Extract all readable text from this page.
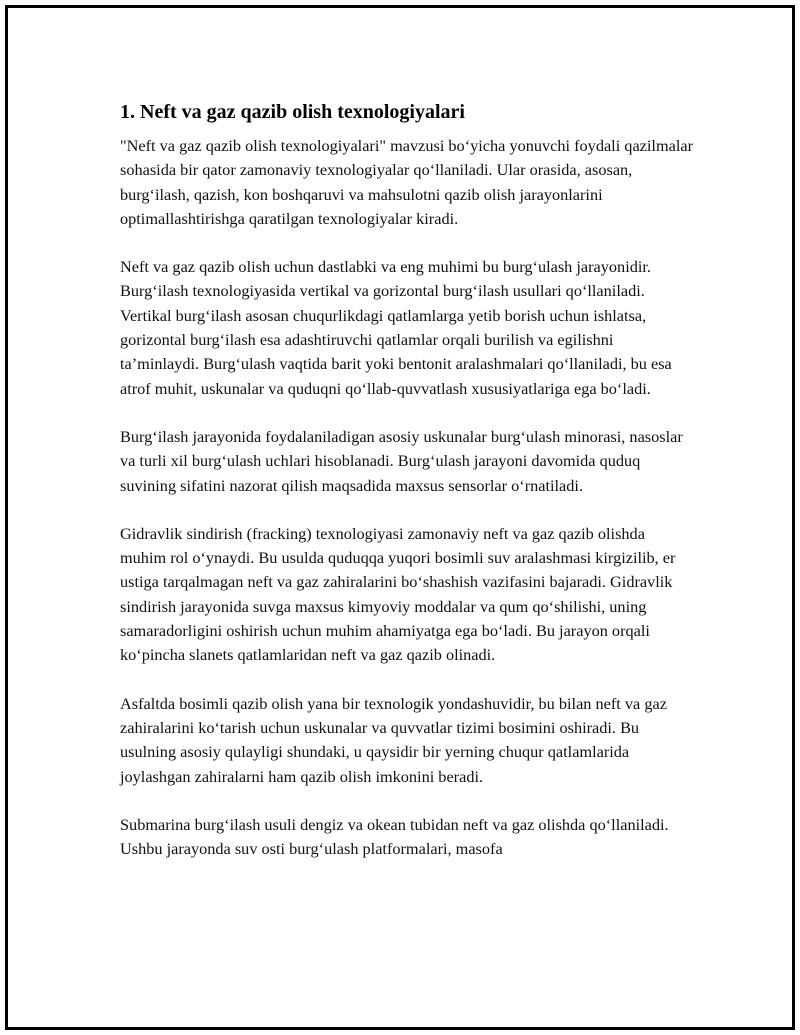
1. Neft va gaz qazib olish texnologiyalari

"Neft va gaz qazib olish texnologiyalari" mavzusi bo‘yicha yonuvchi foydali qazilmalar sohasida bir qator zamonaviy texnologiyalar qo‘llaniladi. Ular orasida, asosan, burg‘ilash, qazish, kon boshqaruvi va mahsulotni qazib olish jarayonlarini optimallashtirishga qaratilgan texnologiyalar kiradi.

Neft va gaz qazib olish uchun dastlabki va eng muhimi bu burg‘ulash jarayonidir. Burg‘ilash texnologiyasida vertikal va gorizontal burg‘ilash usullari qo‘llaniladi. Vertikal burg‘ilash asosan chuqurlikdagi qatlamlarga yetib borish uchun ishlatsa, gorizontal burg‘ilash esa adashtiruvchi qatlamlar orqali burilish va egilishni ta’minlaydi. Burg‘ulash vaqtida barit yoki bentonit aralashmalari qo‘llaniladi, bu esa atrof muhit, uskunalar va quduqni qo‘llab-quvvatlash xususiyatlariga ega bo‘ladi.

Burg‘ilash jarayonida foydalaniladigan asosiy uskunalar burg‘ulash minorasi, nasoslar va turli xil burg‘ulash uchlari hisoblanadi. Burg‘ulash jarayoni davomida quduq suvining sifatini nazorat qilish maqsadida maxsus sensorlar o‘rnatiladi.

Gidravlik sindirish (fracking) texnologiyasi zamonaviy neft va gaz qazib olishda muhim rol o‘ynaydi. Bu usulda quduqqa yuqori bosimli suv aralashmasi kirgizilib, er ustiga tarqalmagan neft va gaz zahiralarini bo‘shashish vazifasini bajaradi. Gidravlik sindirish jarayonida suvga maxsus kimyoviy moddalar va qum qo‘shilishi, uning samaradorligini oshirish uchun muhim ahamiyatga ega bo‘ladi. Bu jarayon orqali ko‘pincha slanets qatlamlaridan neft va gaz qazib olinadi.

Asfaltda bosimli qazib olish yana bir texnologik yondashuvidir, bu bilan neft va gaz zahiralarini ko‘tarish uchun uskunalar va quvvatlar tizimi bosimini oshiradi. Bu usulning asosiy qulayligi shundaki, u qaysidir bir yerning chuqur qatlamlarida joylashgan zahiralarni ham qazib olish imkonini beradi.

Submarina burg‘ilash usuli dengiz va okean tubidan neft va gaz olishda qo‘llaniladi. Ushbu jarayonda suv osti burg‘ulash platformalari, masofa
